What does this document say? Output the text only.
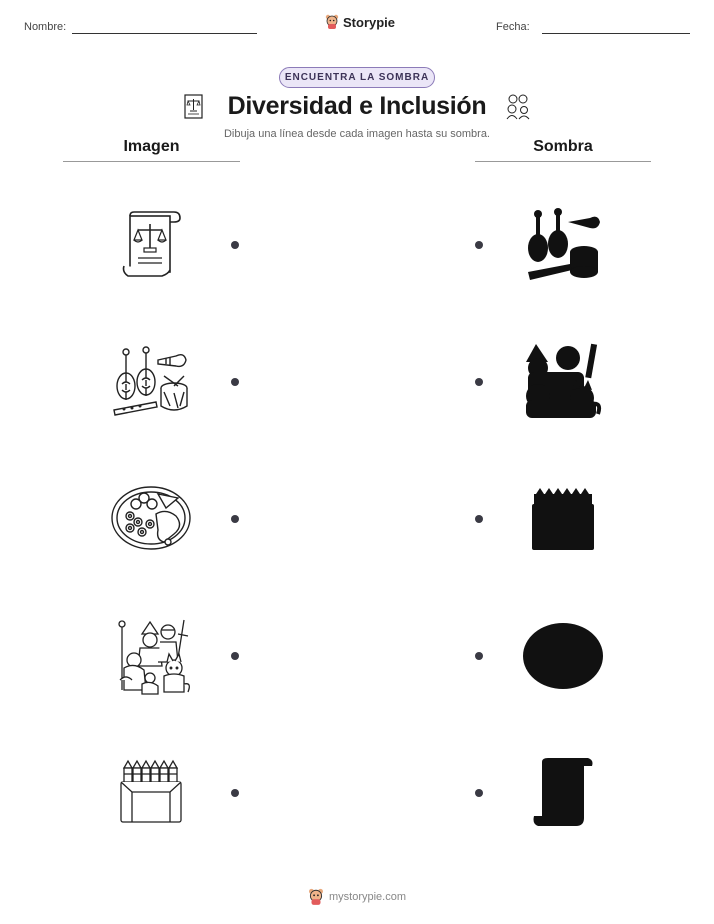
Nombre:	Storypie	Fecha:
ENCUENTRA LA SOMBRA
Diversidad e Inclusión
Dibuja una línea desde cada imagen hasta su sombra.
Imagen	Sombra
mystorypie.com
